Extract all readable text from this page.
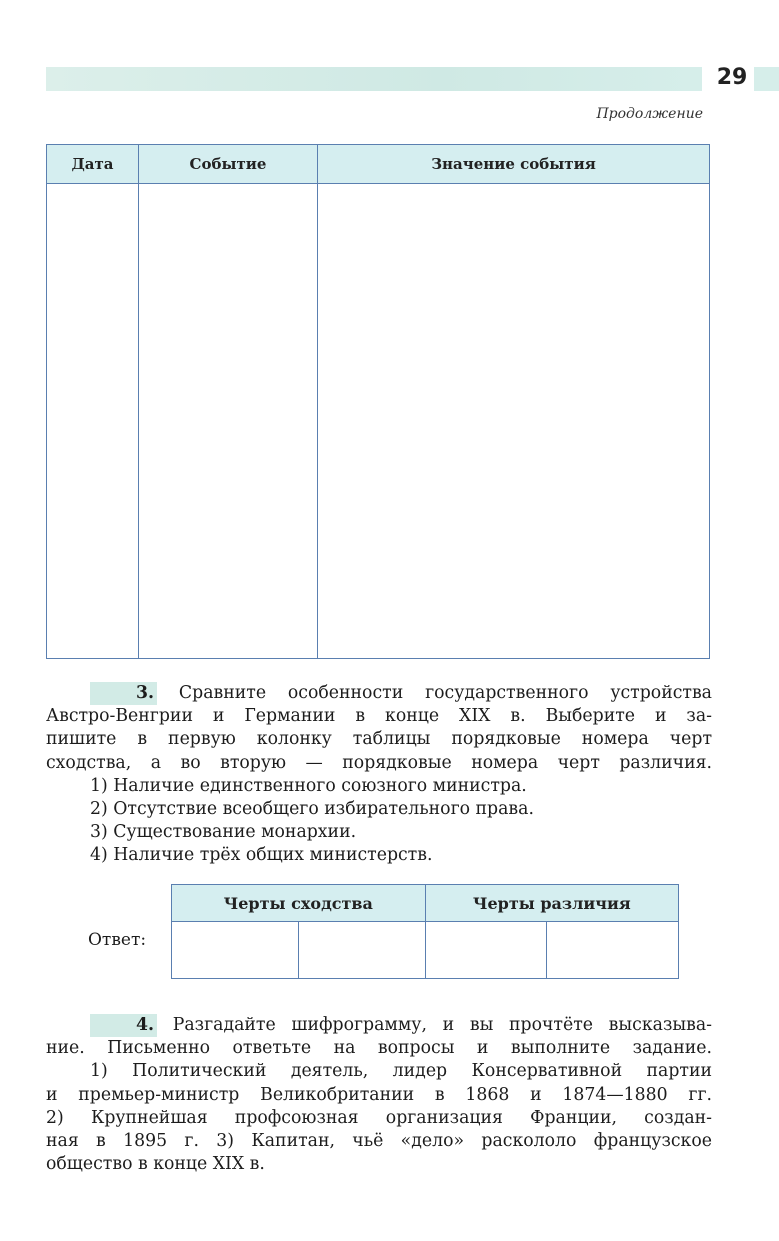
29
Продолжение
Дата	Событие	Значение события

3. Сравните особенности государственного устройства

Австро-Венгрии и Германии в конце XIX в. Выберите и за-

пишите в первую колонку таблицы порядковые номера черт

сходства, а во вторую — порядковые номера черт различия.

1) Наличие единственного союзного министра.

2) Отсутствие всеобщего избирательного права.

3) Существование монархии.

4) Наличие трёх общих министерств.

Ответ:
Черты сходства		Черты различия	

4. Разгадайте шифрограмму, и вы прочтёте высказыва-

ние. Письменно ответьте на вопросы и выполните задание.

1) Политический деятель, лидер Консервативной партии

и премьер-министр Великобритании в 1868 и 1874—1880 гг.

2) Крупнейшая профсоюзная организация Франции, создан-

ная в 1895 г. 3) Капитан, чьё «дело» раскололо французское

общество в конце XIX в.
